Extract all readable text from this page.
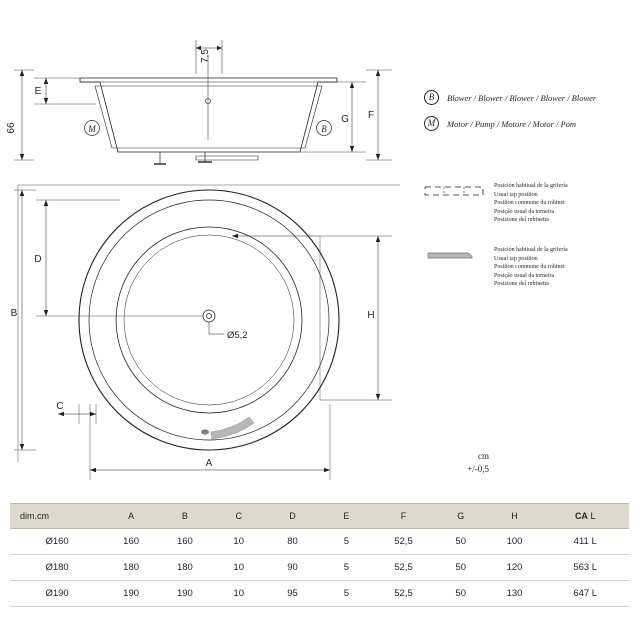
7,5
66
E
G F
M	B
D
B	H
A
C
Ø5,2
B	Blower / Blower / Blower / Blower / Blower
M	Motor / Pump / Motore / Motor / Pom
Posición habitual de la grifería
Usual tap position
Position commune du robinet
Posição usual da torneira
Posizione del rubinetto
Posición habitual de la grifería
Usual tap position
Position commune du robinet
Posição usual da torneira
Posizione del rubinetto
cm
+/-0,5
dim.cm	A	B	C	D	E	F	G	H	CA L
Ø160	160	160	10	80	5	52,5	50	100	411 L
Ø180	180	180	10	90	5	52,5	50	120	563 L
Ø190	190	190	10	95	5	52,5	50	130	647 L
